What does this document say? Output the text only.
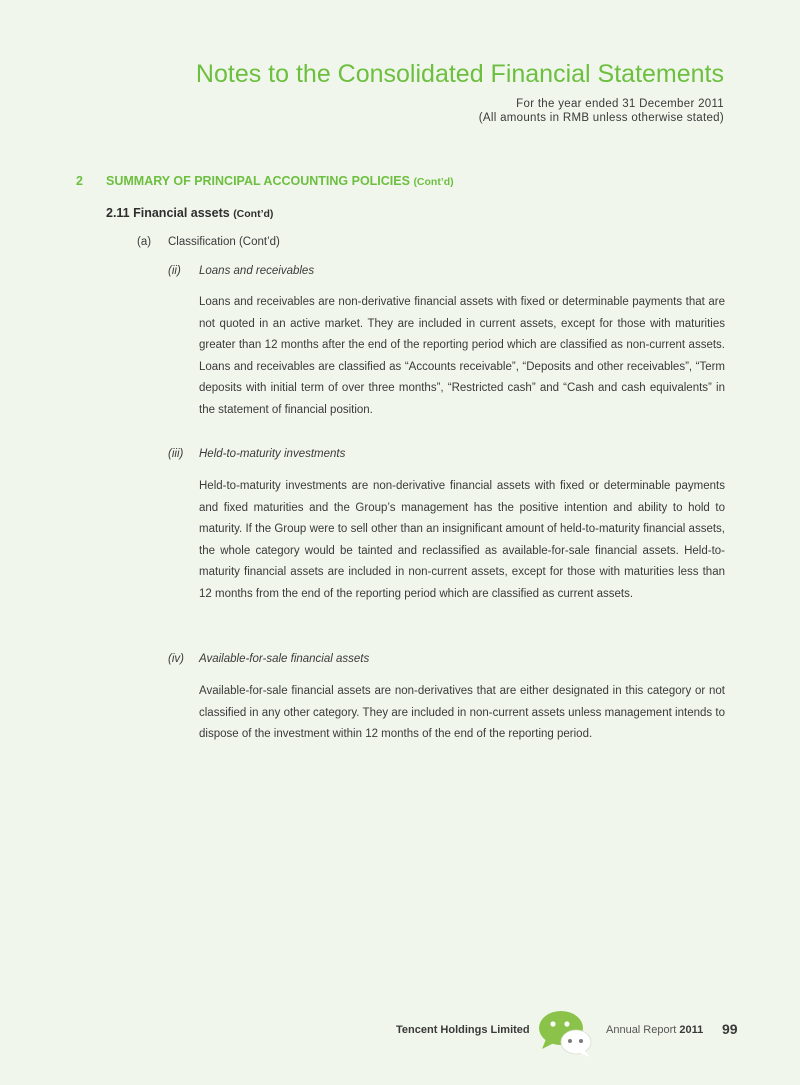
Notes to the Consolidated Financial Statements
For the year ended 31 December 2011
(All amounts in RMB unless otherwise stated)
2 SUMMARY OF PRINCIPAL ACCOUNTING POLICIES (Cont’d)
2.11 Financial assets (Cont’d)
(a) Classification (Cont’d)
(ii) Loans and receivables

Loans and receivables are non-derivative financial assets with fixed or determinable payments that are not quoted in an active market. They are included in current assets, except for those with maturities greater than 12 months after the end of the reporting period which are classified as non-current assets. Loans and receivables are classified as “Accounts receivable”, “Deposits and other receivables”, “Term deposits with initial term of over three months”, “Restricted cash” and “Cash and cash equivalents” in the statement of financial position.

(iii) Held-to-maturity investments

Held-to-maturity investments are non-derivative financial assets with fixed or determinable payments and fixed maturities and the Group’s management has the positive intention and ability to hold to maturity. If the Group were to sell other than an insignificant amount of held-to-maturity financial assets, the whole category would be tainted and reclassified as available-for-sale financial assets. Held-to-maturity financial assets are included in non-current assets, except for those with maturities less than 12 months from the end of the reporting period which are classified as current assets.

(iv) Available-for-sale financial assets

Available-for-sale financial assets are non-derivatives that are either designated in this category or not classified in any other category. They are included in non-current assets unless management intends to dispose of the investment within 12 months of the end of the reporting period.

Tencent Holdings Limited	Annual Report 2011 99
